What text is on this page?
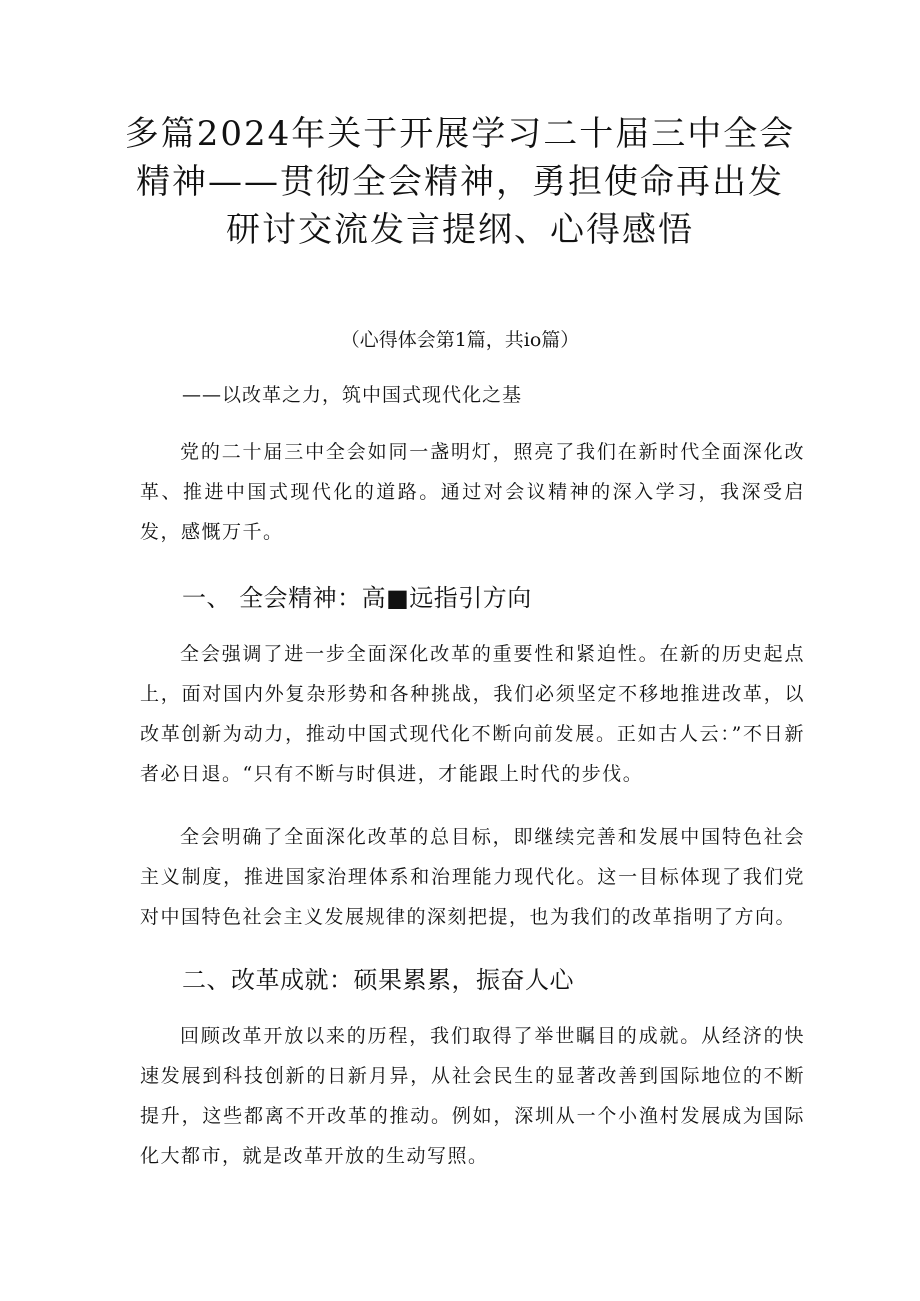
多篇2024年关于开展学习二十届三中全会
精神——贯彻全会精神，勇担使命再出发
研讨交流发言提纲、心得感悟
（心得体会第1篇，共io篇）
——以改革之力，筑中国式现代化之基

党的二十届三中全会如同一盏明灯，照亮了我们在新时代全面深化改革、推进中国式现代化的道路。通过对会议精神的深入学习，我深受启发，感慨万千。

一、 全会精神：高■远指引方向

全会强调了进一步全面深化改革的重要性和紧迫性。在新的历史起点上，面对国内外复杂形势和各种挑战，我们必须坚定不移地推进改革，以改革创新为动力，推动中国式现代化不断向前发展。正如古人云：”不日新者必日退。“只有不断与时俱进，才能跟上时代的步伐。

全会明确了全面深化改革的总目标，即继续完善和发展中国特色社会主义制度，推进国家治理体系和治理能力现代化。这一目标体现了我们党对中国特色社会主义发展规律的深刻把提，也为我们的改革指明了方向。

二、改革成就：硕果累累，振奋人心

回顾改革开放以来的历程，我们取得了举世瞩目的成就。从经济的快速发展到科技创新的日新月异，从社会民生的显著改善到国际地位的不断提升，这些都离不开改革的推动。例如，深圳从一个小渔村发展成为国际化大都市，就是改革开放的生动写照。
